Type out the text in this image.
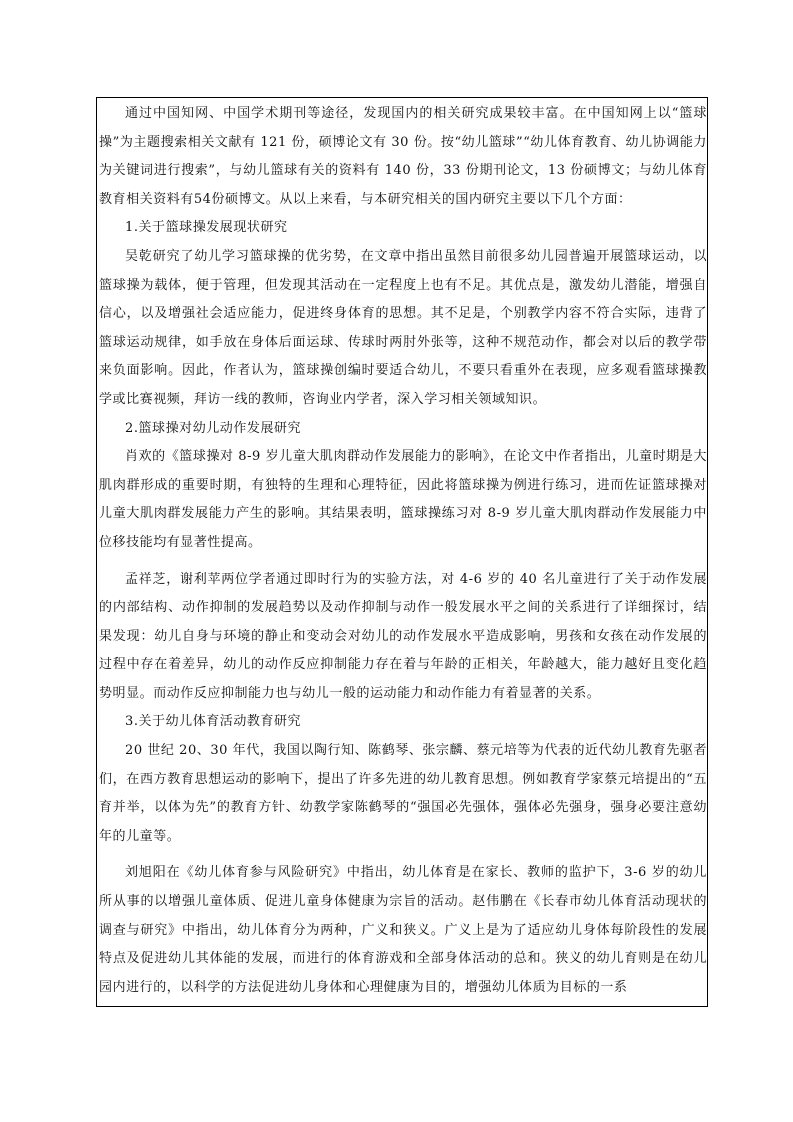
通过中国知网、中国学术期刊等途径，发现国内的相关研究成果较丰富。在中国知网上以“篮球操”为主题搜索相关文献有 121 份，硕博论文有 30 份。按“幼儿篮球”“幼儿体育教育、幼儿协调能力为关键词进行搜索”，与幼儿篮球有关的资料有 140 份，33 份期刊论文，13 份硕博文；与幼儿体育教育相关资料有54份硕博文。从以上来看，与本研究相关的国内研究主要以下几个方面：

1.关于篮球操发展现状研究

吴乾研究了幼儿学习篮球操的优劣势，在文章中指出虽然目前很多幼儿园普遍开展篮球运动，以篮球操为载体，便于管理，但发现其活动在一定程度上也有不足。其优点是，激发幼儿潜能，增强自信心，以及增强社会适应能力，促进终身体育的思想。其不足是，个别教学内容不符合实际，违背了篮球运动规律，如手放在身体后面运球、传球时两肘外张等，这种不规范动作，都会对以后的教学带来负面影响。因此，作者认为，篮球操创编时要适合幼儿，不要只看重外在表现，应多观看篮球操教学或比赛视频，拜访一线的教师，咨询业内学者，深入学习相关领域知识。

2.篮球操对幼儿动作发展研究

肖欢的《篮球操对 8-9 岁儿童大肌肉群动作发展能力的影响》，在论文中作者指出，儿童时期是大肌肉群形成的重要时期，有独特的生理和心理特征，因此将篮球操为例进行练习，进而佐证篮球操对儿童大肌肉群发展能力产生的影响。其结果表明，篮球操练习对 8-9 岁儿童大肌肉群动作发展能力中位移技能均有显著性提高。

孟祥芝，谢利苹两位学者通过即时行为的实验方法，对 4-6 岁的 40 名儿童进行了关于动作发展的内部结构、动作抑制的发展趋势以及动作抑制与动作一般发展水平之间的关系进行了详细探讨，结果发现：幼儿自身与环境的静止和变动会对幼儿的动作发展水平造成影响，男孩和女孩在动作发展的过程中存在着差异，幼儿的动作反应抑制能力存在着与年龄的正相关，年龄越大，能力越好且变化趋势明显。而动作反应抑制能力也与幼儿一般的运动能力和动作能力有着显著的关系。

3.关于幼儿体育活动教育研究

20 世纪 20、30 年代，我国以陶行知、陈鹤琴、张宗麟、蔡元培等为代表的近代幼儿教育先驱者们，在西方教育思想运动的影响下，提出了许多先进的幼儿教育思想。例如教育学家蔡元培提出的“五育并举，以体为先”的教育方针、幼教学家陈鹤琴的“强国必先强体，强体必先强身，强身必要注意幼年的儿童等。

刘旭阳在《幼儿体育参与风险研究》中指出，幼儿体育是在家长、教师的监护下，3-6 岁的幼儿所从事的以增强儿童体质、促进儿童身体健康为宗旨的活动。赵伟鹏在《长春市幼儿体育活动现状的调查与研究》中指出，幼儿体育分为两种，广义和狭义。广义上是为了适应幼儿身体每阶段性的发展特点及促进幼儿其体能的发展，而进行的体育游戏和全部身体活动的总和。狭义的幼儿育则是在幼儿园内进行的，以科学的方法促进幼儿身体和心理健康为目的，增强幼儿体质为目标的一系
